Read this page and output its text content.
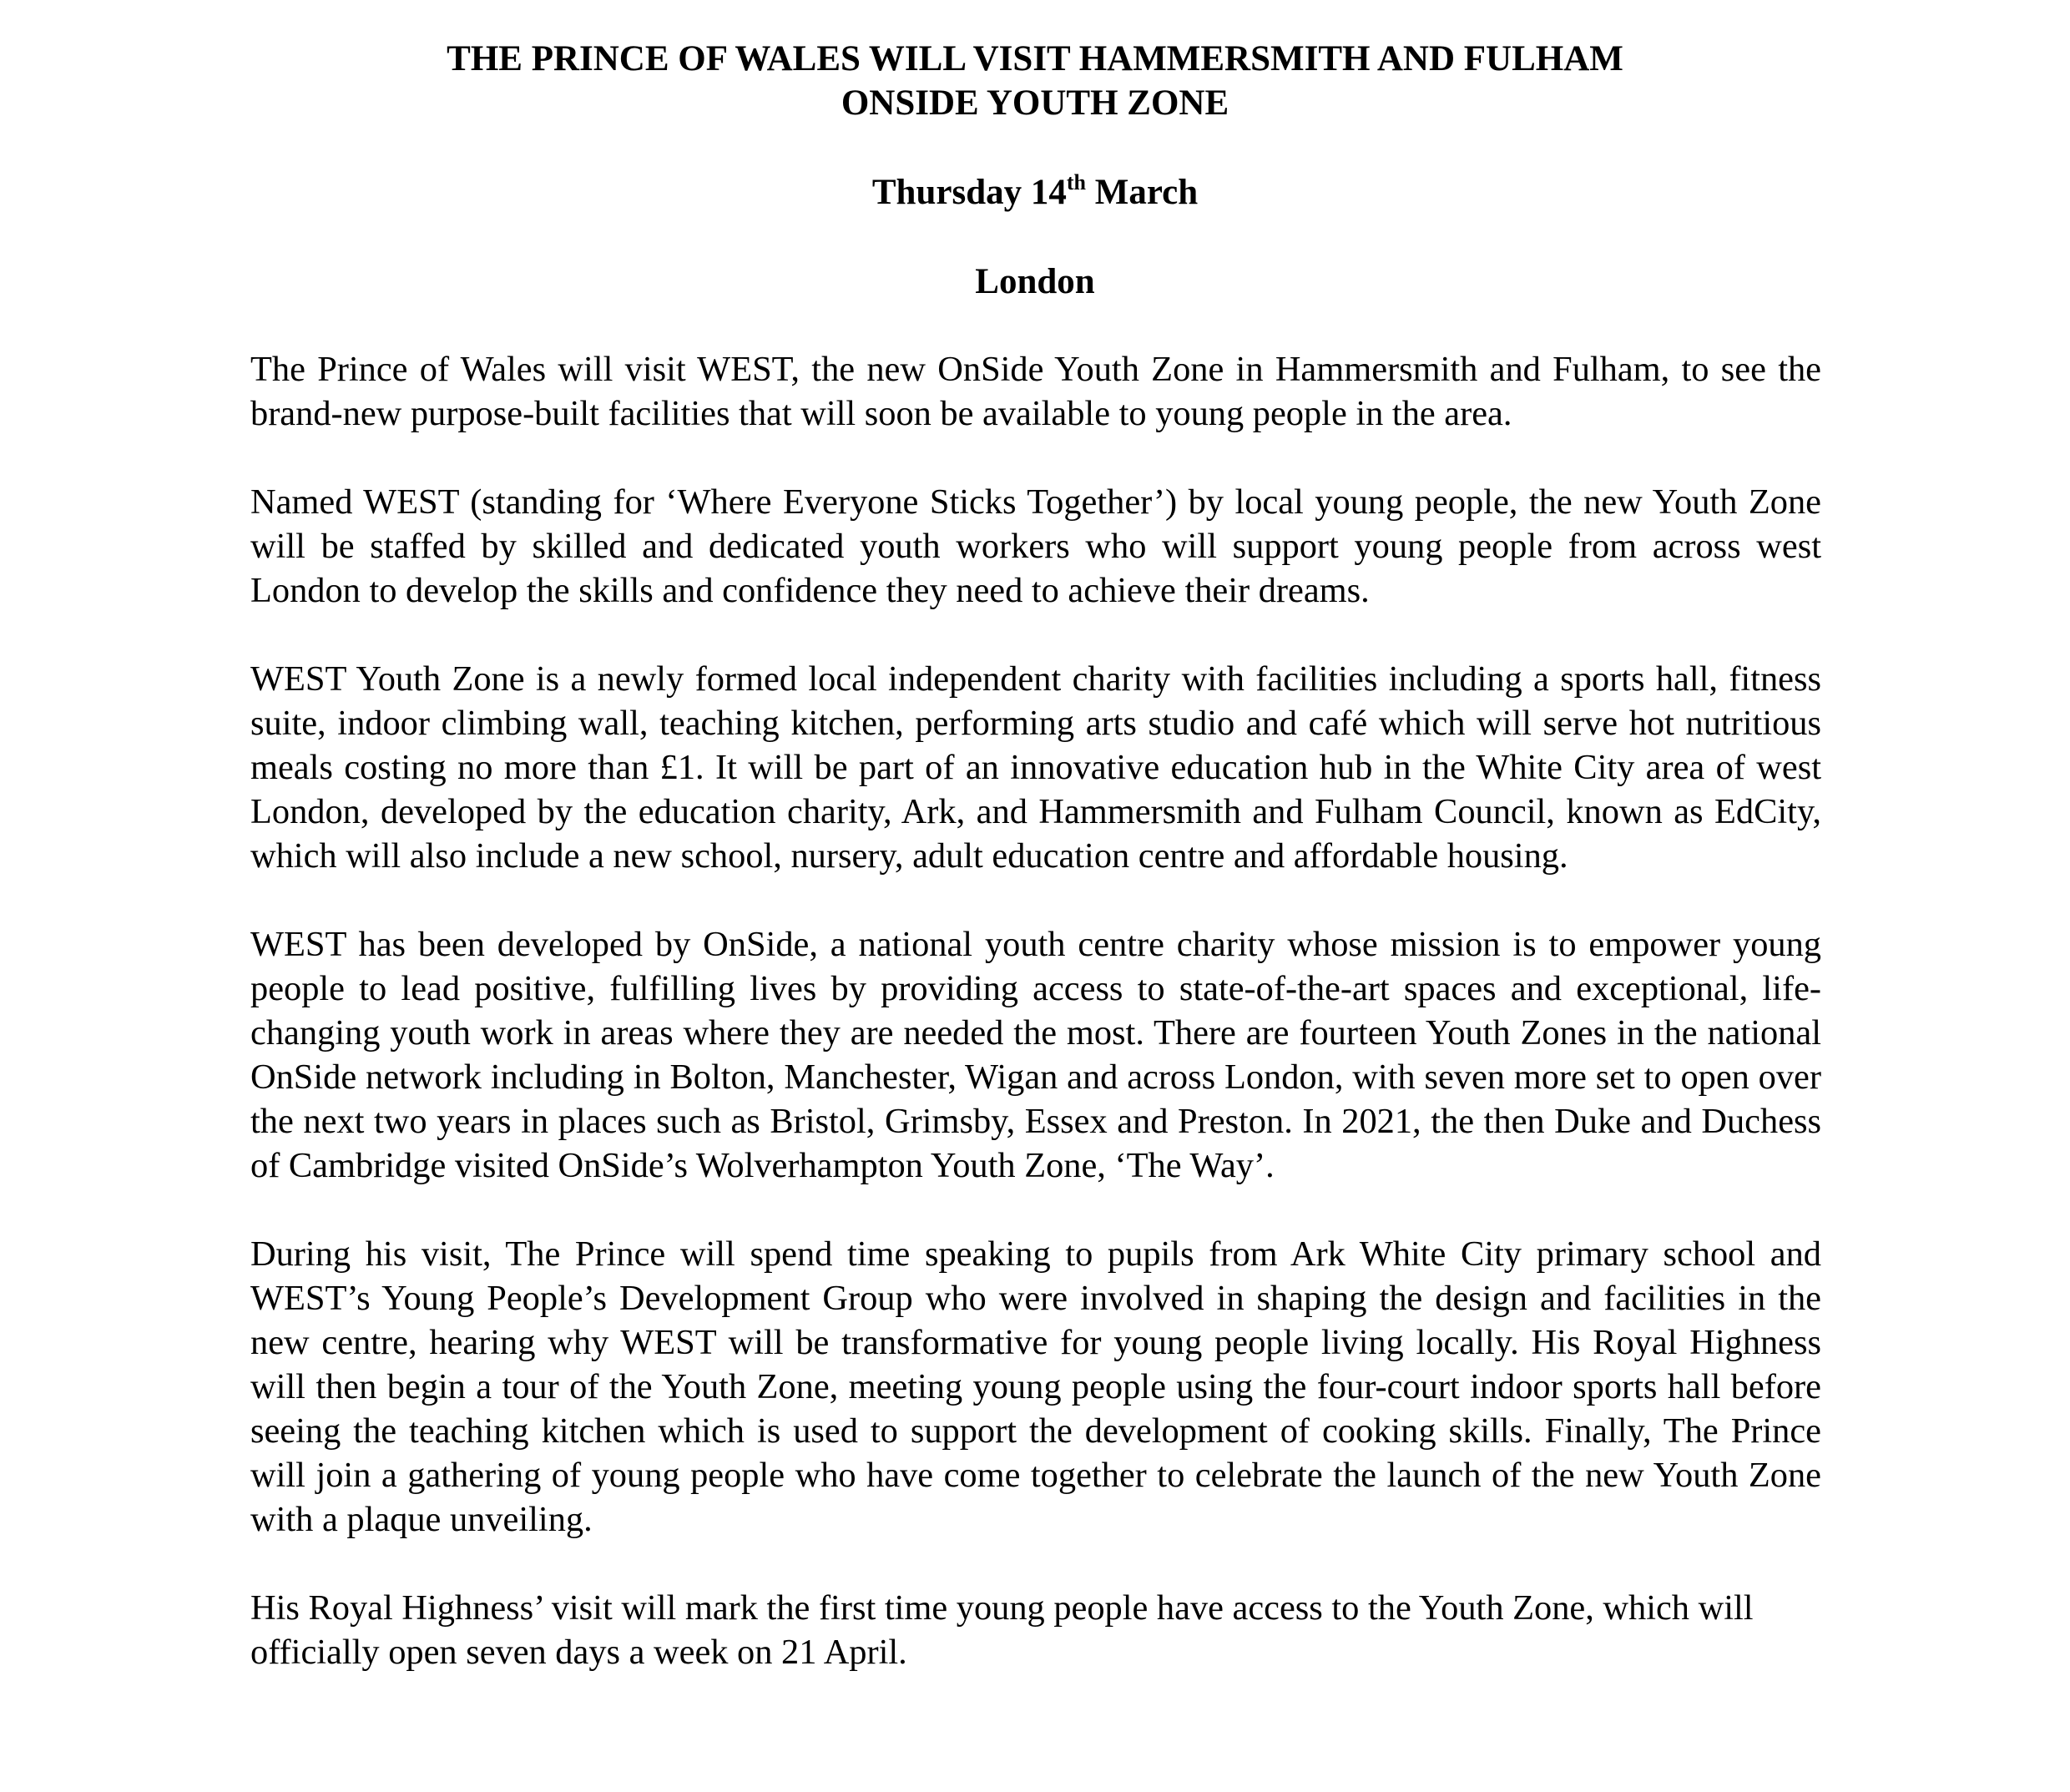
THE PRINCE OF WALES WILL VISIT HAMMERSMITH AND FULHAM
ONSIDE YOUTH ZONE

Thursday 14th March

London

The Prince of Wales will visit WEST, the new OnSide Youth Zone in Hammersmith and Fulham, to see the brand-new purpose-built facilities that will soon be available to young people in the area.

Named WEST (standing for ‘Where Everyone Sticks Together’) by local young people, the new Youth Zone will be staffed by skilled and dedicated youth workers who will support young people from across west London to develop the skills and confidence they need to achieve their dreams.

WEST Youth Zone is a newly formed local independent charity with facilities including a sports hall, fitness suite, indoor climbing wall, teaching kitchen, performing arts studio and café which will serve hot nutritious meals costing no more than £1. It will be part of an innovative education hub in the White City area of west London, developed by the education charity, Ark, and Hammersmith and Fulham Council, known as EdCity, which will also include a new school, nursery, adult education centre and affordable housing.

WEST has been developed by OnSide, a national youth centre charity whose mission is to empower young people to lead positive, fulfilling lives by providing access to state-of-the-art spaces and exceptional, life-changing youth work in areas where they are needed the most. There are fourteen Youth Zones in the national OnSide network including in Bolton, Manchester, Wigan and across London, with seven more set to open over the next two years in places such as Bristol, Grimsby, Essex and Preston. In 2021, the then Duke and Duchess of Cambridge visited OnSide’s Wolverhampton Youth Zone, ‘The Way’.

During his visit, The Prince will spend time speaking to pupils from Ark White City primary school and WEST’s Young People’s Development Group who were involved in shaping the design and facilities in the new centre, hearing why WEST will be transformative for young people living locally. His Royal Highness will then begin a tour of the Youth Zone, meeting young people using the four-court indoor sports hall before seeing the teaching kitchen which is used to support the development of cooking skills. Finally, The Prince will join a gathering of young people who have come together to celebrate the launch of the new Youth Zone with a plaque unveiling.

His Royal Highness’ visit will mark the first time young people have access to the Youth Zone, which will officially open seven days a week on 21 April.
